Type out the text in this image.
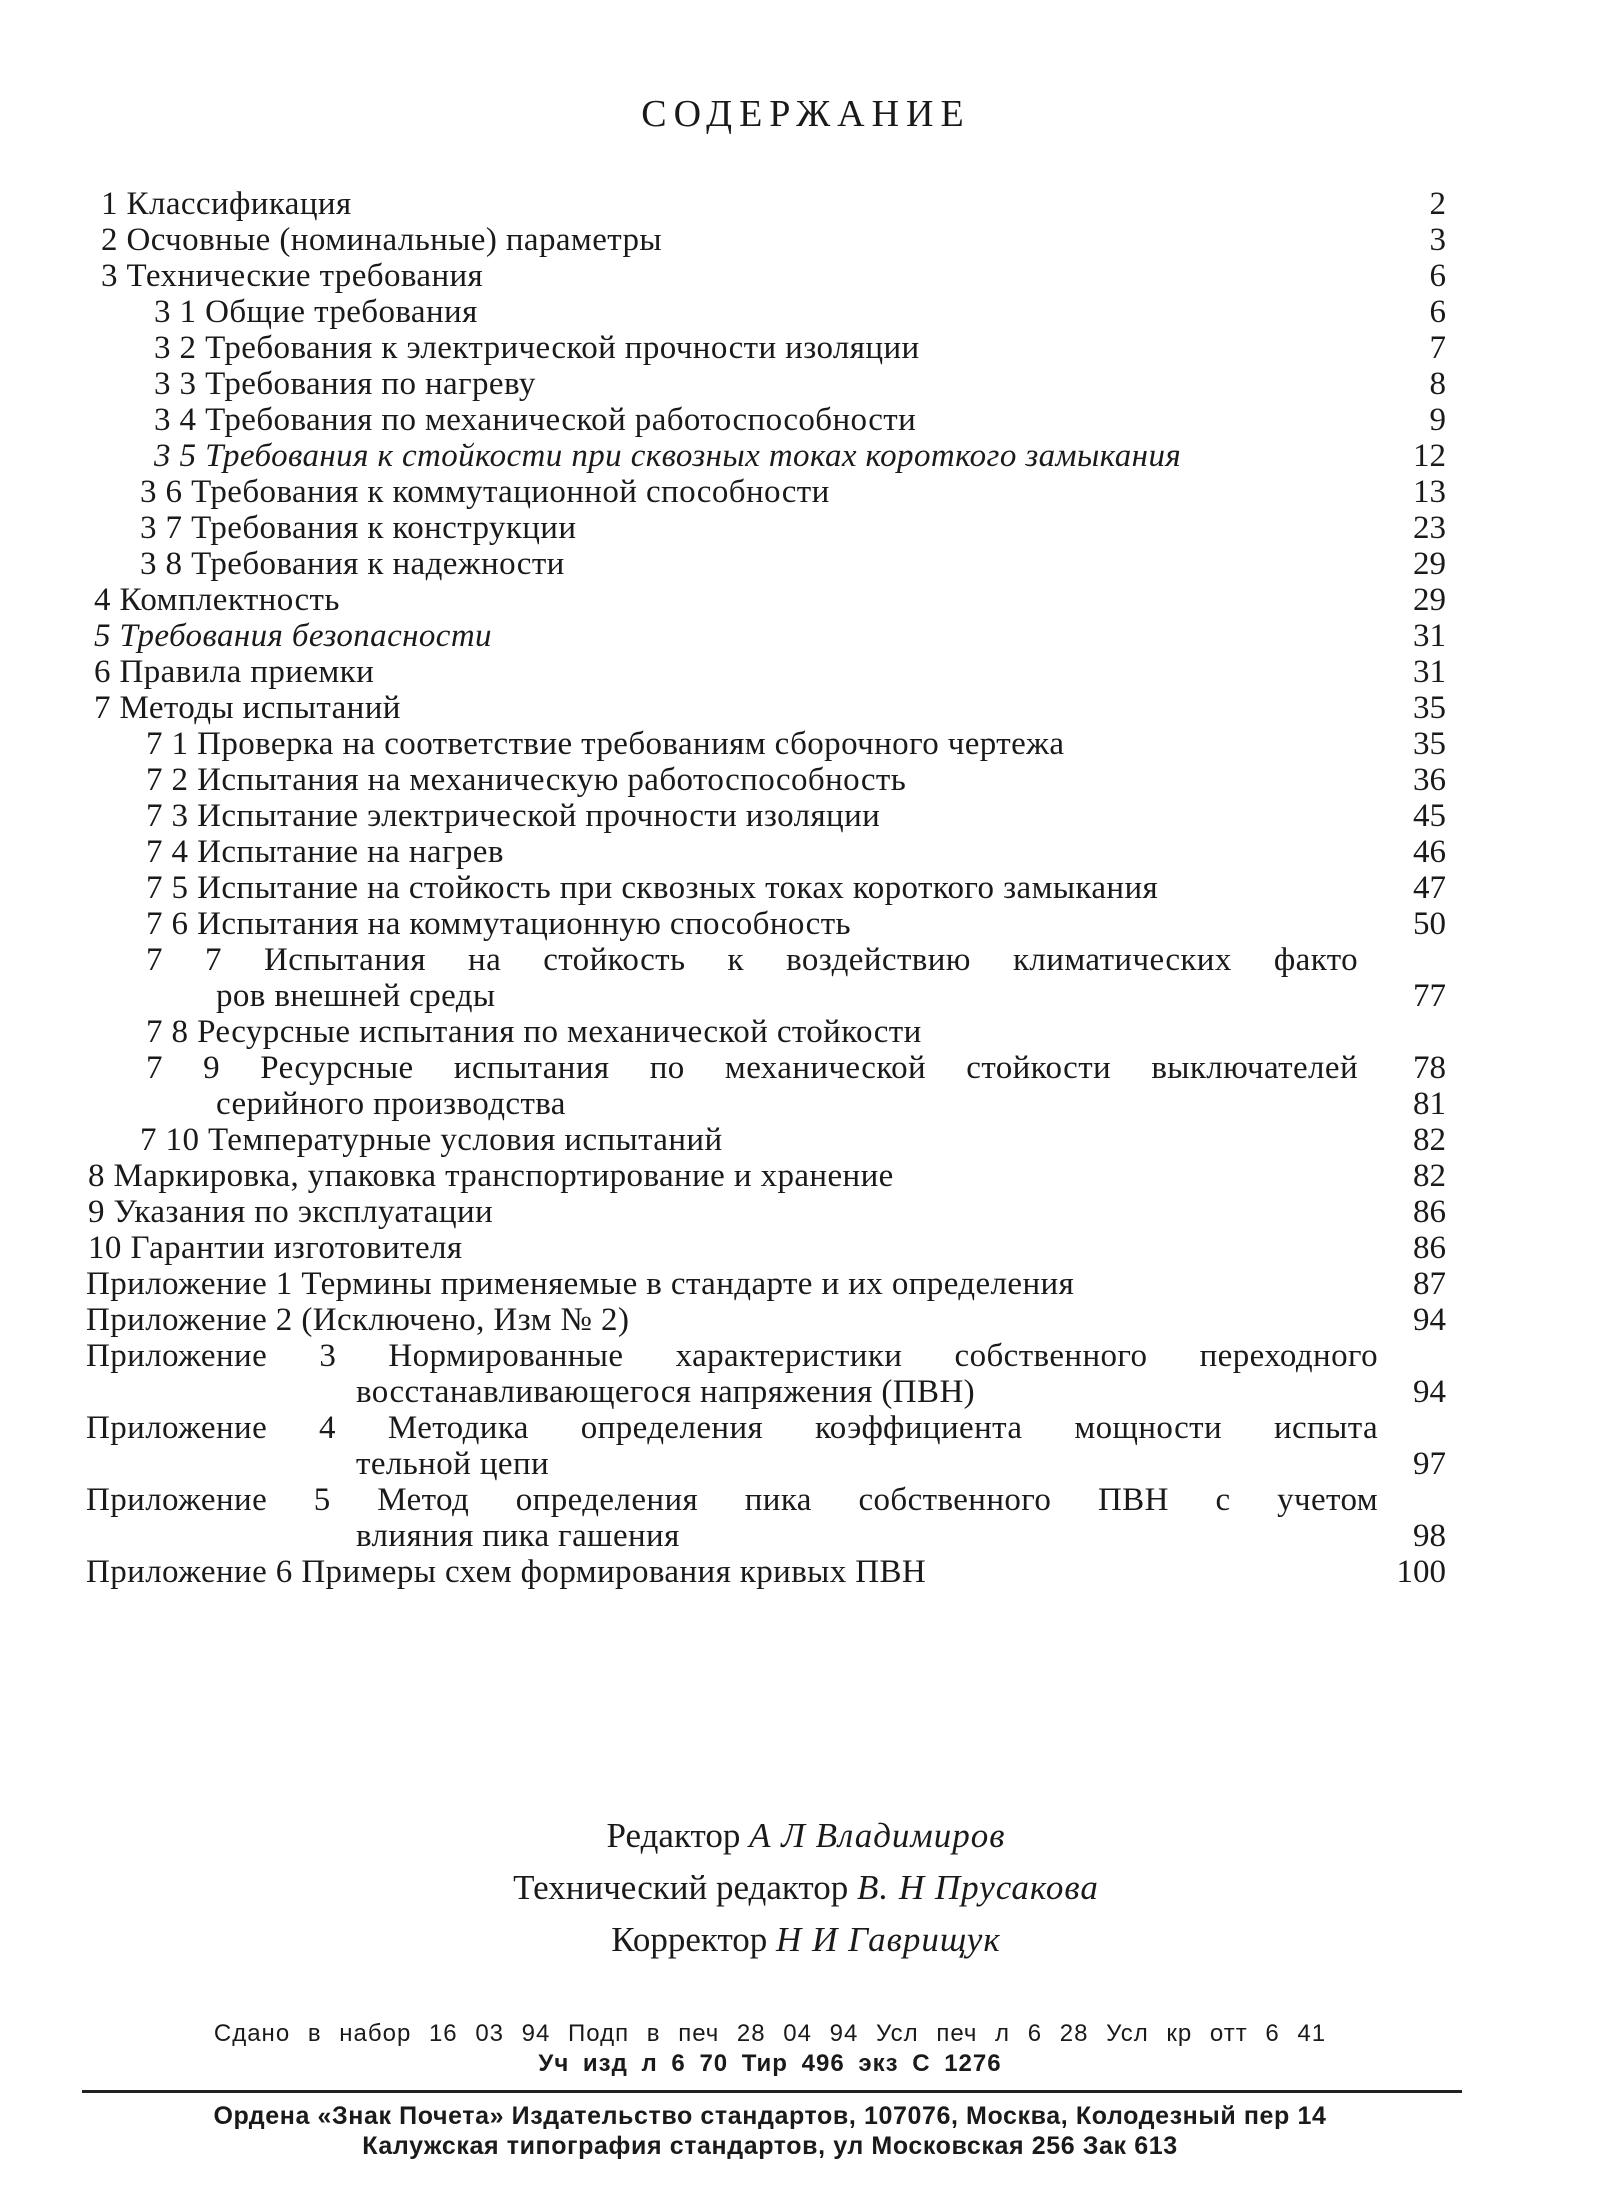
СОДЕРЖАНИЕ
1 Классификация	2
2 Осчовные (номинальные) параметры	3
3 Технические требования	6
3 1 Общие требования	6
3 2 Требования к электрической прочности изоляции	7
3 3 Требования по нагреву	8
3 4 Требования по механической работоспособности	9
3 5 Требования к стойкости при сквозных токах короткого замыкания	12
3 6 Требования к коммутационной способности	13
3 7 Требования к конструкции	23
3 8 Требования к надежности	29
4 Комплектность	29
5 Требования безопасности	31
6 Правила приемки	31
7 Методы испытаний	35
7 1 Проверка на соответствие требованиям сборочного чертежа	35
7 2 Испытания на механическую работоспособность	36
7 3 Испытание электрической прочности изоляции	45
7 4 Испытание на нагрев	46
7 5 Испытание на стойкость при сквозных токах короткого замыкания	47
7 6 Испытания на коммутационную способность	50
7 7 Испытания на стойкость к воздействию климатических факто
ров внешней среды	77
7 8 Ресурсные испытания по механической стойкости
7 9 Ресурсные испытания по механической стойкости выключателей 78
серийного производства	81
7 10 Температурные условия испытаний	82
8 Маркировка, упаковка транспортирование и хранение	82
9 Указания по эксплуатации	86
10 Гарантии изготовителя	86
Приложение 1 Термины применяемые в стандарте и их определения	87
Приложение 2 (Исключено, Изм № 2)	94
Приложение 3 Нормированные характеристики собственного переходного
восстанавливающегося напряжения (ПВН)	94
Приложение 4 Методика определения коэффициента мощности испыта
тельной цепи	97
Приложение 5 Метод определения пика собственного ПВН с учетом
влияния пика гашения	98
Приложение 6 Примеры схем формирования кривых ПВН	100
Редактор А Л Владимиров
Технический редактор В. Н Прусакова
Корректор Н И Гаврищук
Сдано в набор 16 03 94 Подп в печ 28 04 94 Усл печ л 6 28 Усл кр отт 6 41
Уч изд л 6 70 Тир 496 экз С 1276
Ордена «Знак Почета» Издательство стандартов, 107076, Москва, Колодезный пер 14
Калужская типография стандартов, ул Московская 256 Зак 613
